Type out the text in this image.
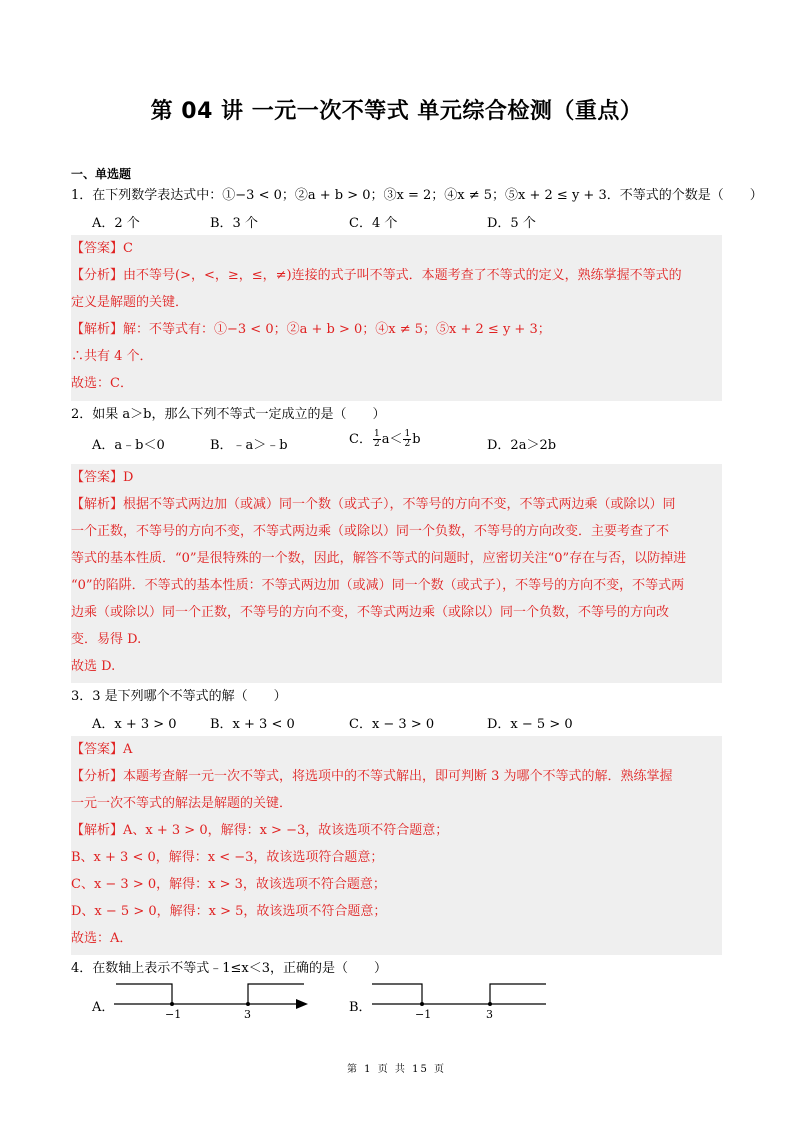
第 04 讲 一元一次不等式 单元综合检测（重点）
一、单选题
1．在下列数学表达式中：①−3 < 0；②a + b > 0；③x = 2；④x ≠ 5；⑤x + 2 ≤ y + 3．不等式的个数是（　　）
A．2 个	B．3 个	C．4 个	D．5 个
【答案】C
【分析】由不等号(>，<，≥，≤，≠)连接的式子叫不等式．本题考查了不等式的定义，熟练掌握不等式的
定义是解题的关键．
【解析】解：不等式有：①−3 < 0；②a + b > 0；④x ≠ 5；⑤x + 2 ≤ y + 3；
∴共有 4 个．
故选：C．
2．如果 a＞b，那么下列不等式一定成立的是（　　）
A．a﹣b＜0	B．﹣a＞﹣b	C． $\frac{1}{2} a< \frac{1}{2}$ b	D．2a＞2b
【答案】D
【解析】根据不等式两边加（或减）同一个数（或式子），不等号的方向不变，不等式两边乘（或除以）同
一个正数，不等号的方向不变，不等式两边乘（或除以）同一个负数，不等号的方向改变．主要考查了不
等式的基本性质．“0”是很特殊的一个数，因此，解答不等式的问题时，应密切关注“0”存在与否，以防掉进
“0”的陷阱．不等式的基本性质：不等式两边加（或减）同一个数（或式子），不等号的方向不变，不等式两
边乘（或除以）同一个正数，不等号的方向不变，不等式两边乘（或除以）同一个负数，不等号的方向改
变．易得 D.
故选 D.
3．3 是下列哪个不等式的解（　　）
A．x + 3 > 0	B．x + 3 < 0	C．x − 3 > 0	D．x − 5 > 0
【答案】A
【分析】本题考查解一元一次不等式，将选项中的不等式解出，即可判断 3 为哪个不等式的解．熟练掌握
一元一次不等式的解法是解题的关键．
【解析】A、x + 3 > 0，解得：x > −3，故该选项不符合题意；
B、x + 3 < 0，解得：x < −3，故该选项符合题意；
C、x − 3 > 0，解得：x > 3，故该选项不符合题意；
D、x − 5 > 0，解得：x > 5，故该选项不符合题意；
故选：A．
4．在数轴上表示不等式﹣1≤x＜3，正确的是（　　）
A．	−1	3	B．	−1	3
第 1 页 共 15 页
